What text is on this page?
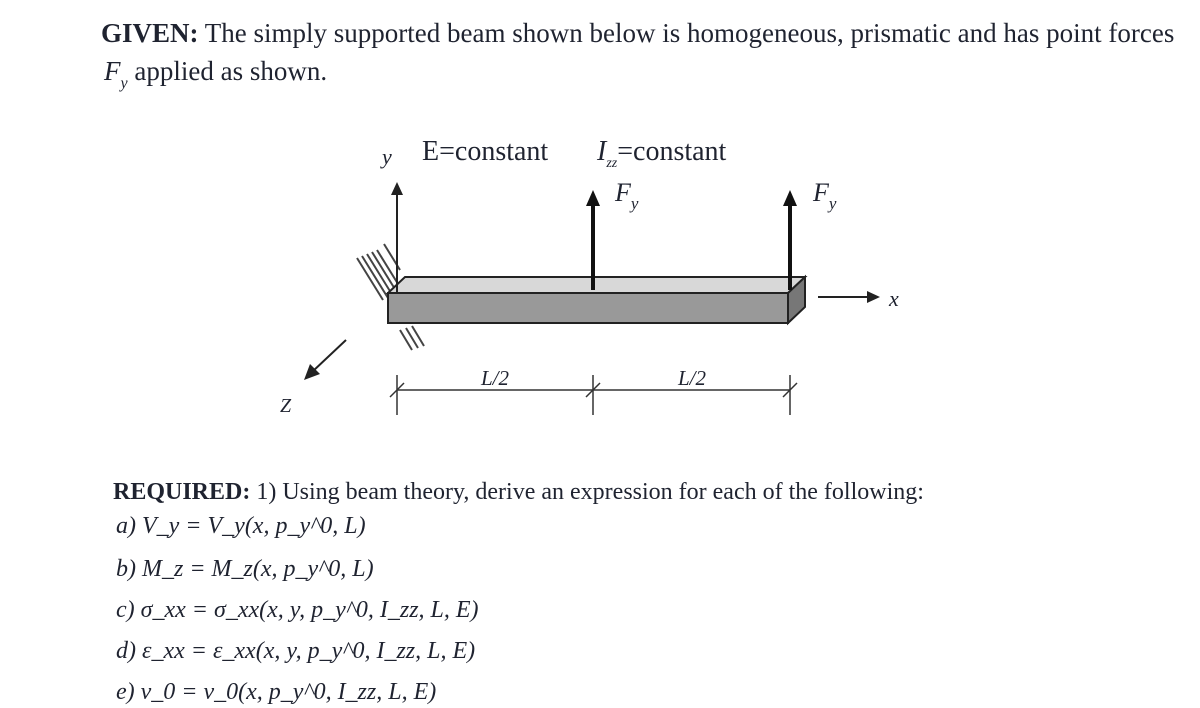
GIVEN: The simply supported beam shown below is homogeneous, prismatic and has point forces
$F_y$ applied as shown.
y
x
Z
$F_y$	$F_y$
E=constant $I_{zz}=constant$
L/2	L/2
REQUIRED: 1) Using beam theory, derive an expression for each of the following:
a) V_y = V_y(x, p_y^0, L)
b) M_z = M_z(x, p_y^0, L)
c) σ_xx = σ_xx(x, y, p_y^0, I_zz, L, E)
d) ε_xx = ε_xx(x, y, p_y^0, I_zz, L, E)
e) v_0 = v_0(x, p_y^0, I_zz, L, E)
